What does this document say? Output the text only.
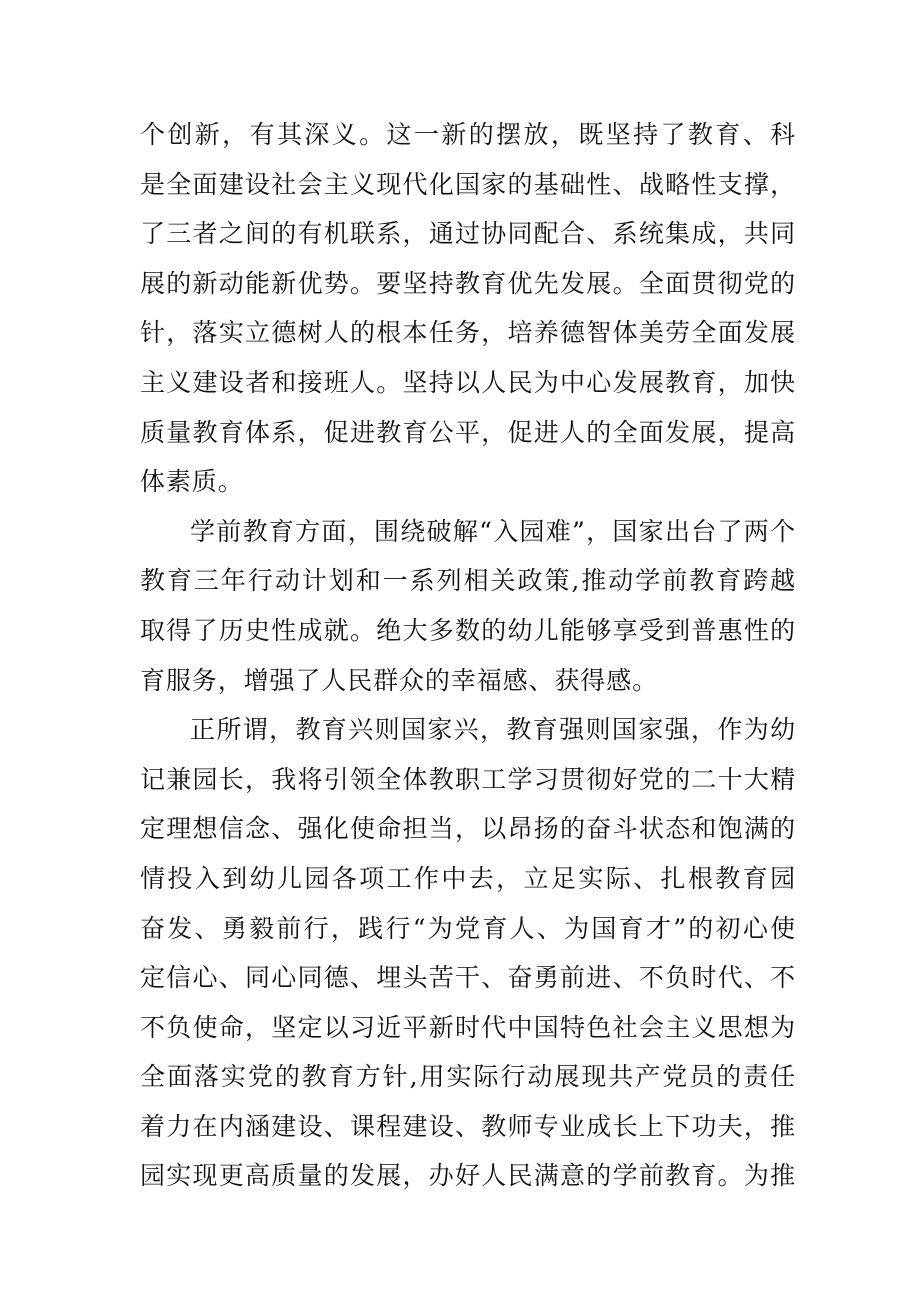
个创新，有其深义。这一新的摆放，既坚持了教育、科
是全面建设社会主义现代化国家的基础性、战略性支撑，
了三者之间的有机联系，通过协同配合、系统集成，共同
展的新动能新优势。要坚持教育优先发展。全面贯彻党的
针，落实立德树人的根本任务，培养德智体美劳全面发展
主义建设者和接班人。坚持以人民为中心发展教育，加快
质量教育体系，促进教育公平，促进人的全面发展，提高
体素质。
学前教育方面，围绕破解“入园难”，国家出台了两个
教育三年行动计划和一系列相关政策,推动学前教育跨越
取得了历史性成就。绝大多数的幼儿能够享受到普惠性的
育服务，增强了人民群众的幸福感、获得感。
正所谓，教育兴则国家兴，教育强则国家强，作为幼
记兼园长，我将引领全体教职工学习贯彻好党的二十大精
定理想信念、强化使命担当，以昂扬的奋斗状态和饱满的
情投入到幼儿园各项工作中去，立足实际、扎根教育园
奋发、勇毅前行，践行“为党育人、为国育才”的初心使
定信心、同心同德、埋头苦干、奋勇前进、不负时代、不
不负使命，坚定以习近平新时代中国特色社会主义思想为
全面落实党的教育方针,用实际行动展现共产党员的责任
着力在内涵建设、课程建设、教师专业成长上下功夫，推
园实现更高质量的发展，办好人民满意的学前教育。为推
